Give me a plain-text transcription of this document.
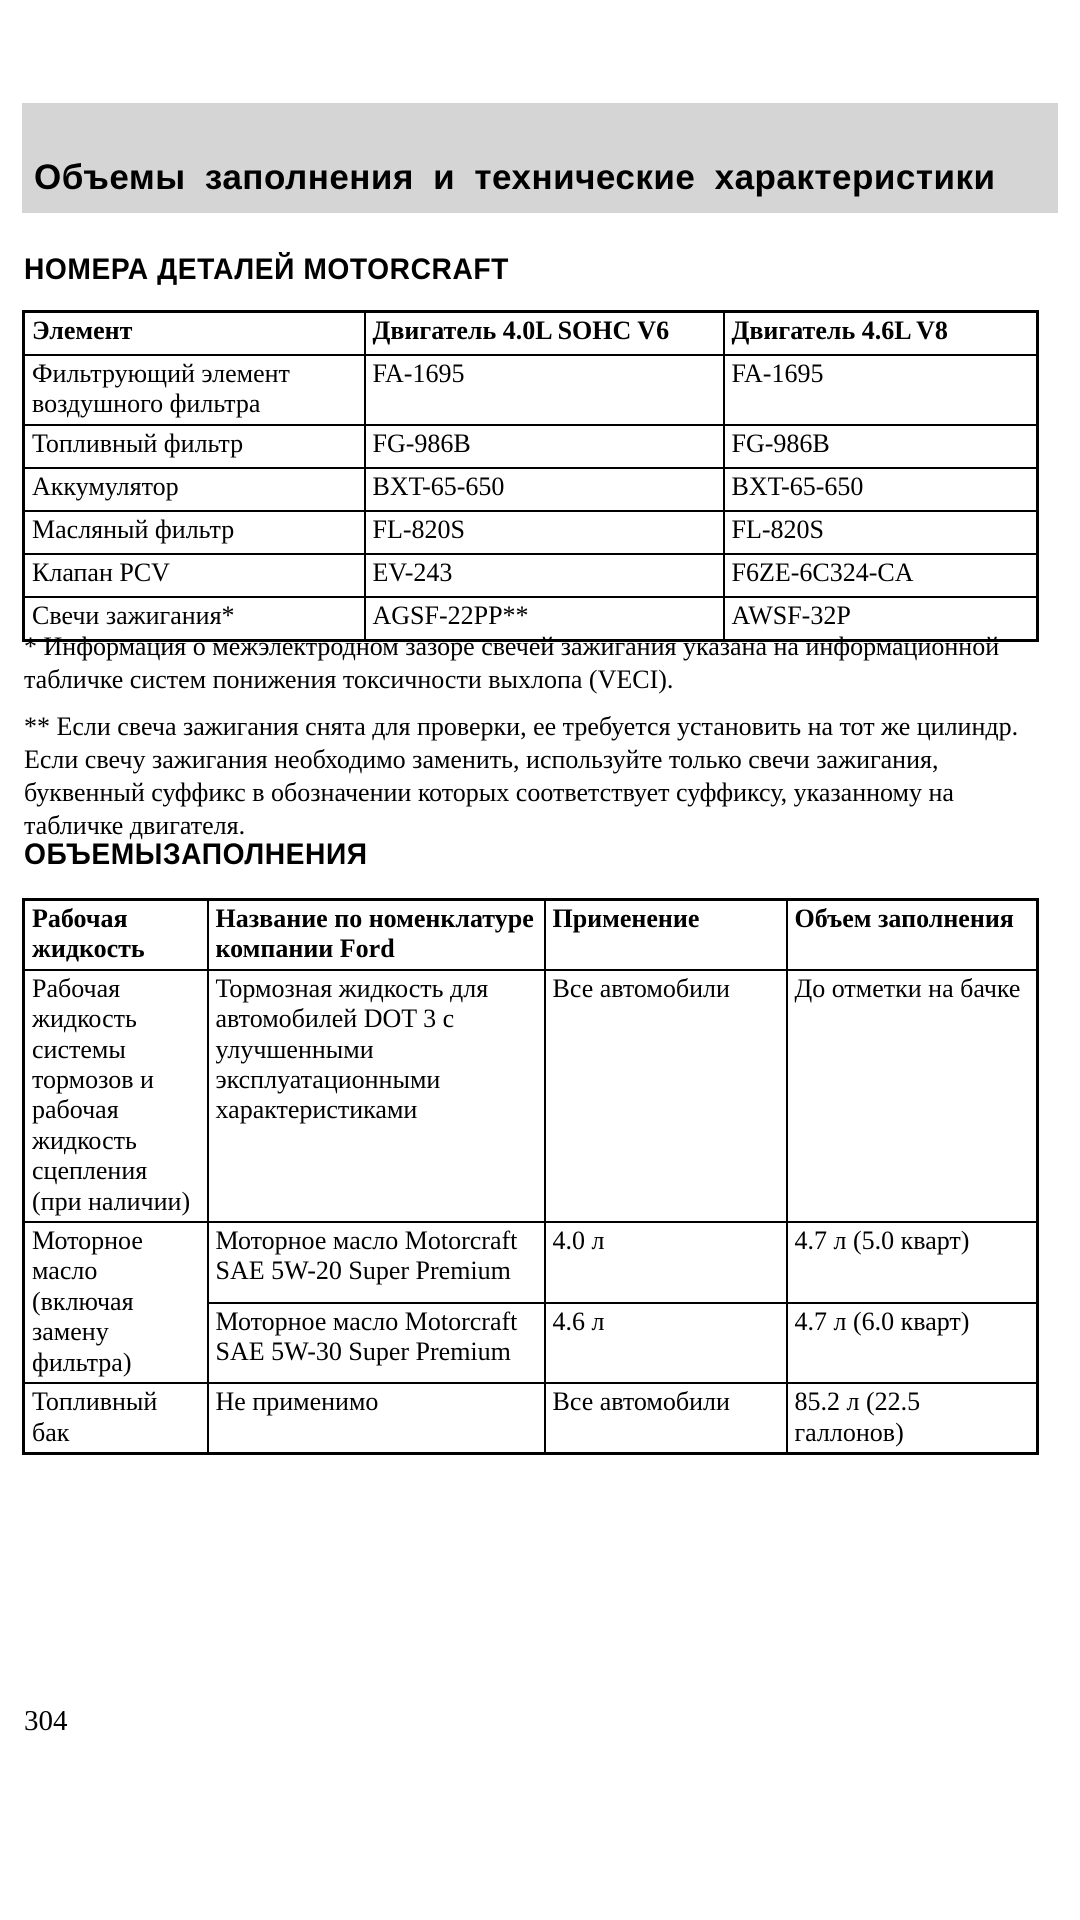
Объемы заполнения и технические характеристики
НОМЕРА ДЕТАЛЕЙ MOTORCRAFT
Элемент	Двигатель 4.0L SOHC V6	Двигатель 4.6L V8
Фильтрующий элемент воздушного фильтра	FA-1695	FA-1695
Топливный фильтр	FG-986B	FG-986B
Аккумулятор	BXT-65-650	BXT-65-650
Масляный фильтр	FL-820S	FL-820S
Клапан PCV	EV-243	F6ZE-6C324-CA
Свечи зажигания*	AGSF-22PP**	AWSF-32P
* Информация о межэлектродном зазоре свечей зажигания указана на информационной табличке систем понижения токсичности выхлопа (VECI).
** Если свеча зажигания снята для проверки, ее требуется установить на тот же цилиндр. Если свечу зажигания необходимо заменить, используйте только свечи зажигания, буквенный суффикс в обозначении которых соответствует суффиксу, указанному на табличке двигателя.
ОБЪЕМЫЗАПОЛНЕНИЯ
Рабочая жидкость	Название по номенклатуре компании Ford	Применение	Объем заполнения
Рабочая жидкость системы тормозов и рабочая жидкость сцепления (при наличии)	Тормозная жидкость для автомобилей DOT 3 с улучшенными эксплуатационными характеристиками	Все автомобили	До отметки на бачке
Моторное масло (включая замену фильтра)	Моторное масло Motorcraft SAE 5W-20 Super Premium	4.0 л	4.7 л (5.0 кварт)
	Моторное масло Motorcraft SAE 5W-30 Super Premium	4.6 л	4.7 л (6.0 кварт)
Топливный бак	Не применимо	Все автомобили	85.2 л (22.5 галлонов)
304
